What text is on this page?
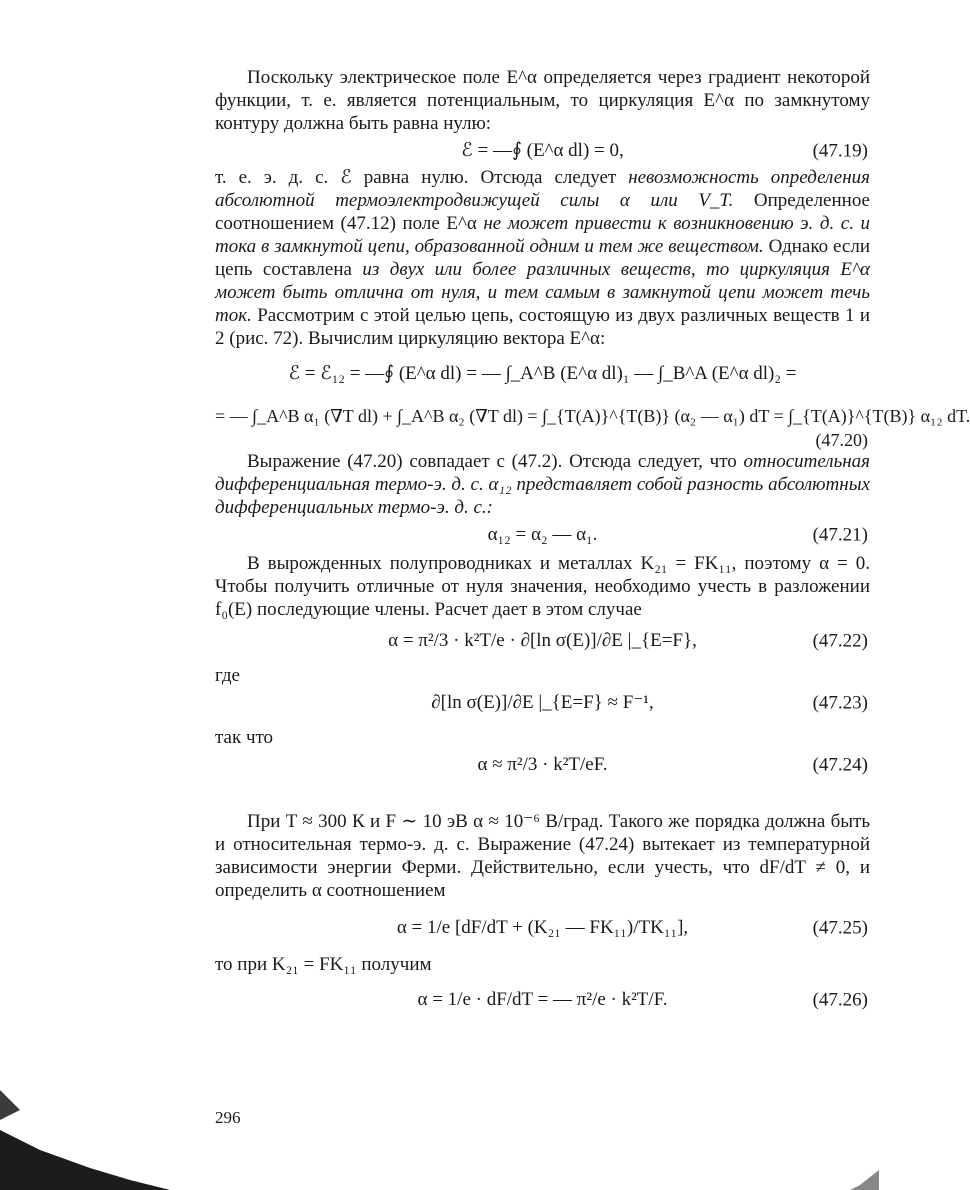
Поскольку электрическое поле E^α определяется через градиент некоторой функции, т. е. является потенциальным, то циркуляция E^α по замкнутому контуру должна быть равна нулю:

ℰ = —∮ (E^α dl) = 0,	(47.19)

т. е. э. д. с. ℰ равна нулю. Отсюда следует невозможность определения абсолютной термоэлектродвижущей силы α или V_T. Определенное соотношением (47.12) поле E^α не может привести к возникновению э. д. с. и тока в замкнутой цепи, образованной одним и тем же веществом. Однако если цепь составлена из двух или более различных веществ, то циркуляция E^α может быть отлична от нуля, и тем самым в замкнутой цепи может течь ток. Рассмотрим с этой целью цепь, состоящую из двух различных веществ 1 и 2 (рис. 72). Вычислим циркуляцию вектора E^α:

ℰ = ℰ₁₂ = —∮ (E^α dl) = — ∫_A^B (E^α dl)₁ — ∫_B^A (E^α dl)₂ =
= — ∫_A^B α₁ (∇T dl) + ∫_A^B α₂ (∇T dl) = ∫_{T(A)}^{T(B)} (α₂ — α₁) dT = ∫_{T(A)}^{T(B)} α₁₂ dT.
(47.20)

Выражение (47.20) совпадает с (47.2). Отсюда следует, что относительная дифференциальная термо-э. д. с. α₁₂ представляет собой разность абсолютных дифференциальных термо-э. д. с.:

α₁₂ = α₂ — α₁.	(47.21)

В вырожденных полупроводниках и металлах K₂₁ = FK₁₁, поэтому α = 0. Чтобы получить отличные от нуля значения, необходимо учесть в разложении f₀(E) последующие члены. Расчет дает в этом случае

α = π²/3 · k²T/e · ∂[ln σ(E)]/∂E |_{E=F},	(47.22)

где

∂[ln σ(E)]/∂E |_{E=F} ≈ F⁻¹,	(47.23)

так что

α ≈ π²/3 · k²T/eF.	(47.24)

При T ≈ 300 К и F ∼ 10 эВ α ≈ 10⁻⁶ В/град. Такого же порядка должна быть и относительная термо-э. д. с. Выражение (47.24) вытекает из температурной зависимости энергии Ферми. Действительно, если учесть, что dF/dT ≠ 0, и определить α соотношением

α = 1/e [dF/dT + (K₂₁ — FK₁₁)/TK₁₁],	(47.25)

то при K₂₁ = FK₁₁ получим

α = 1/e · dF/dT = — π²/e · k²T/F.	(47.26)
296
